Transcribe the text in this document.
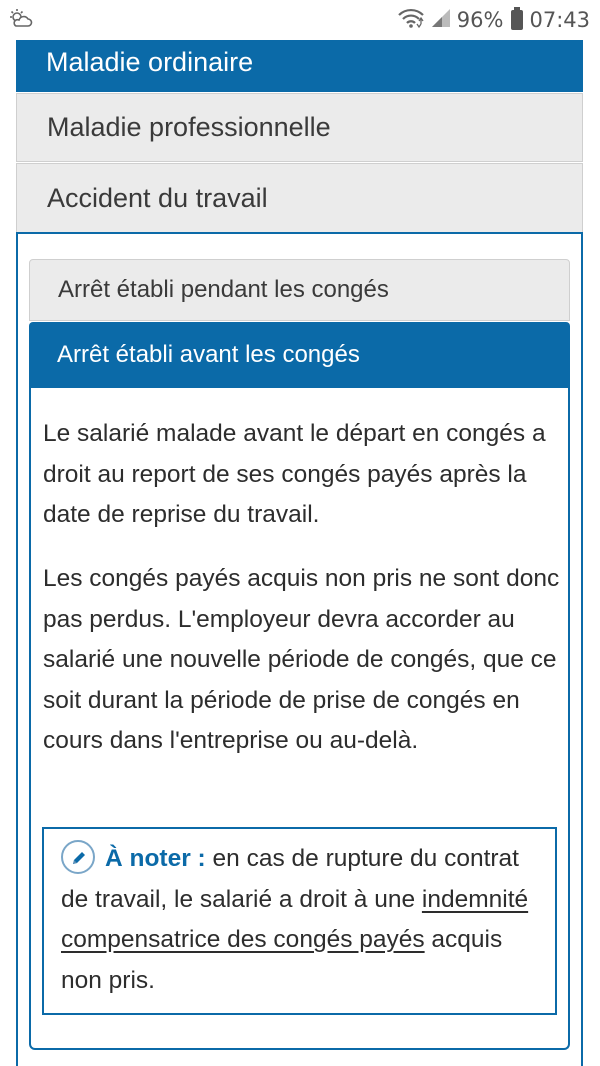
96% 07:43
Maladie ordinaire
Maladie professionnelle
Accident du travail
Arrêt établi pendant les congés
Arrêt établi avant les congés

Le salarié malade avant le départ en congés a droit au report de ses congés payés après la date de reprise du travail.

Les congés payés acquis non pris ne sont donc pas perdus. L'employeur devra accorder au salarié une nouvelle période de congés, que ce soit durant la période de prise de congés en cours dans l'entreprise ou au-delà.

À noter : en cas de rupture du contrat de travail, le salarié a droit à une indemnité compensatrice des congés payés acquis non pris.
